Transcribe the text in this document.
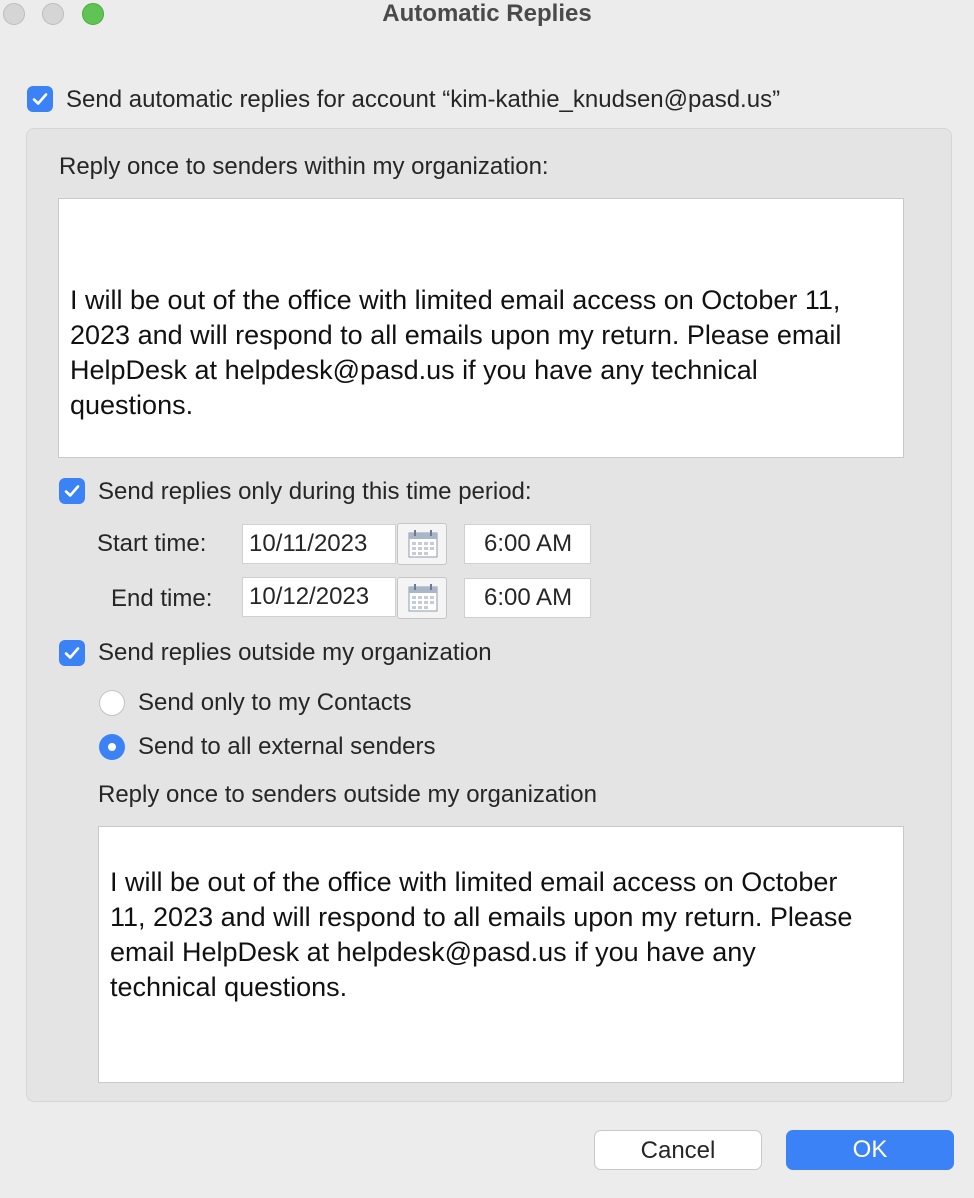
Automatic Replies
Send automatic replies for account “kim-kathie_knudsen@pasd.us”
Reply once to senders within my organization:
I will be out of the office with limited email access on October 11, 2023 and will respond to all emails upon my return. Please email HelpDesk at helpdesk@pasd.us if you have any technical questions.
Send replies only during this time period:
Start time: 10/11/2023	6:00 AM
End time: 10/12/2023	6:00 AM
Send replies outside my organization
Send only to my Contacts
Send to all external senders
Reply once to senders outside my organization
I will be out of the office with limited email access on October 11, 2023 and will respond to all emails upon my return. Please email HelpDesk at helpdesk@pasd.us if you have any technical questions.
Cancel	OK
